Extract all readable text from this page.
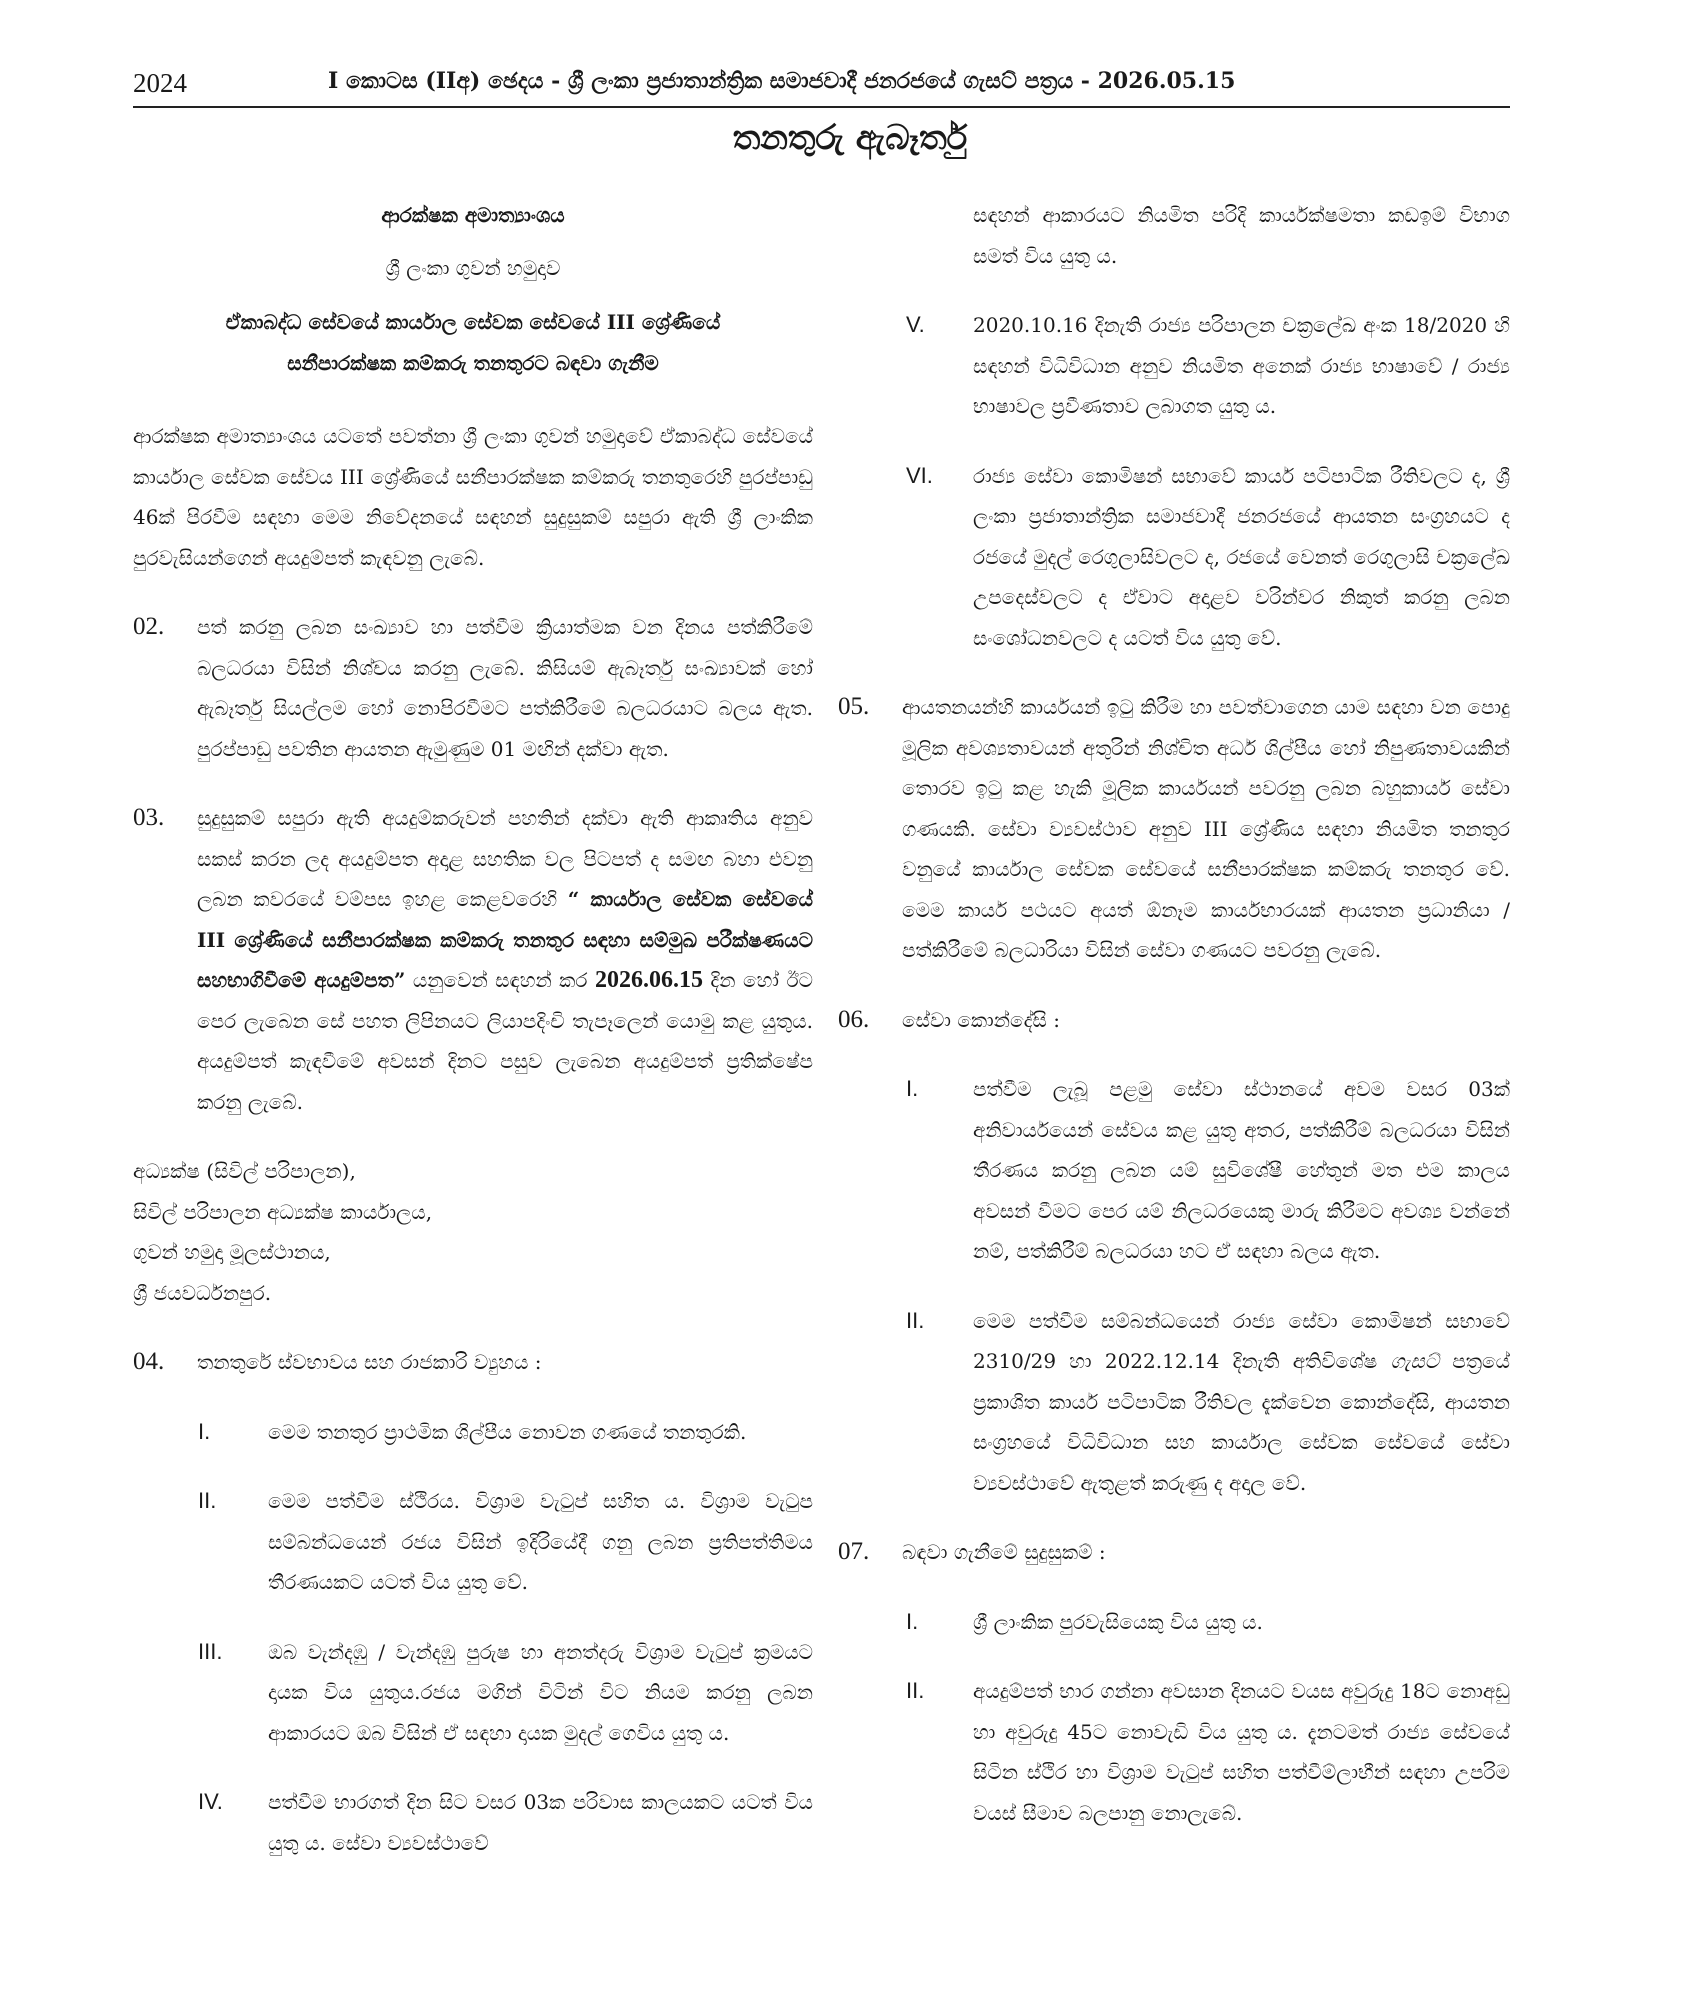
2024	I කොටස (IIඅ) ඡෙදය - ශ්‍රී ලංකා ප්‍රජාතාන්ත්‍රික සමාජවාදී ජනරජයේ ගැසට් පත්‍රය - 2026.05.15
තනතුරු ඇබෑර්තු

ආරක්ෂක අමාත්‍යාංශය

ශ්‍රී ලංකා ගුවන් හමුදාව

ඒකාබද්ධ සේවයේ කාර්යාල සේවක සේවයේ III ශ්‍රේණියේ

සනීපාරක්ෂක කම්කරු තනතුරට බඳවා ගැනීම

ආරක්ෂක අමාත්‍යාංශය යටතේ පවත්නා ශ්‍රී ලංකා ගුවන් හමුදාවේ ඒකාබද්ධ සේවයේ කාර්යාල සේවක සේවය III ශ්‍රේණියේ සනීපාරක්ෂක කම්කරු තනතුරෙහි පුරප්පාඩු 46ක් පිරවීම සඳහා මෙම නිවේදනයේ සඳහන් සුදුසුකම් සපුරා ඇති ශ්‍රී ලාංකික පුරවැසියන්ගෙන් අයදුම්පත් කැඳවනු ලැබේ.

02. පත් කරනු ලබන සංඛ්‍යාව හා පත්වීම ක්‍රියාත්මක වන දිනය පත්කිරීමේ බලධරයා විසින් නිශ්චය කරනු ලැබේ. කිසියම් ඇබෑර්තු සංඛ්‍යාවක් හෝ ඇබෑර්තු සියල්ලම හෝ නොපිරවීමට පත්කිරීමේ බලධරයාට බලය ඇත. පුරප්පාඩු පවතින ආයතන ඇමුණුම 01 මඟින් දක්වා ඇත.

03. සුදුසුකම් සපුරා ඇති අයදුම්කරුවන් පහතින් දක්වා ඇති ආකෘතිය අනුව සකස් කරන ලද අයදුම්පත අදාළ සහතික වල පිටපත් ද සමඟ බහා එවනු ලබන කවරයේ වම්පස ඉහළ කෙළවරෙහි “ කාර්යාල සේවක සේවයේ III ශ්‍රේණියේ සනීපාරක්ෂක කම්කරු තනතුර සඳහා සම්මුඛ පරීක්ෂණයට සහභාගිවීමේ අයදුම්පත” යනුවෙන් සඳහන් කර 2026.06.15 දින හෝ ඊට පෙර ලැබෙන සේ පහත ලිපිනයට ලියාපදිංචි තැපෑලෙන් යොමු කළ යුතුය. අයදුම්පත් කැඳවීමේ අවසන් දිනට පසුව ලැබෙන අයදුම්පත් ප්‍රතික්ෂේප කරනු ලැබේ.

අධ්‍යක්ෂ (සිවිල් පරිපාලන),

සිවිල් පරිපාලන අධ්‍යක්ෂ කාර්යාලය,

ගුවන් හමුදා මූලස්ථානය,

ශ්‍රී ජයවර්ධනපුර.

04. තනතුරේ ස්වභාවය සහ රාජකාරි ව්‍යුහය :

I.	මෙම තනතුර ප්‍රාථමික ශිල්පීය නොවන ගණයේ තනතුරකි.

II.	මෙම පත්වීම ස්ථිරය. විශ්‍රාම වැටුප් සහිත ය. විශ්‍රාම වැටුප සම්බන්ධයෙන් රජය විසින් ඉදිරියේදී ගනු ලබන ප්‍රතිපත්තිමය තීරණයකට යටත් විය යුතු වේ.

III. ඔබ වැන්දඹු / වැන්දඹු පුරුෂ හා අනත්දරු විශ්‍රාම වැටුප් ක්‍රමයට දායක විය යුතුය.රජය මගින් විටින් විට නියම කරනු ලබන ආකාරයට ඔබ විසින් ඒ සඳහා දායක මුදල් ගෙවිය යුතු ය.

IV. පත්වීම භාරගත් දින සිට වසර 03ක පරිවාස කාලයකට යටත් විය යුතු ය. සේවා ව්‍යවස්ථාවේ

සඳහන් ආකාරයට නියමිත පරිදි කාර්යක්ෂමතා කඩඉම් විභාග සමත් විය යුතු ය.

V. 2020.10.16 දිනැති රාජ්‍ය පරිපාලන චක්‍රලේඛ අංක 18/2020 හි සඳහන් විධිවිධාන අනුව නියමිත අනෙක් රාජ්‍ය භාෂාවේ / රාජ්‍ය භාෂාවල ප්‍රවීණතාව ලබාගත යුතු ය.

VI. රාජ්‍ය සේවා කොමිෂන් සභාවේ කාර්ය පටිපාටික රීතිවලට ද, ශ්‍රී ලංකා ප්‍රජාතාන්ත්‍රික සමාජවාදී ජනරජයේ ආයතන සංග්‍රහයට ද රජයේ මුදල් රෙගුලාසිවලට ද, රජයේ වෙනත් රෙගුලාසි චක්‍රලේඛ උපදෙස්වලට ද ඒවාට අදාළව වරින්වර නිකුත් කරනු ලබන සංශෝධනවලට ද යටත් විය යුතු වේ.

05. ආයතනයන්හි කාර්යයන් ඉටු කිරීම හා පවත්වාගෙන යාම සඳහා වන පොදු මූලික අවශ්‍යතාවයන් අතුරින් නිශ්චිත අර්ධ ශිල්පීය හෝ නිපුණතාවයකින් තොරව ඉටු කළ හැකි මූලික කාර්යයන් පවරනු ලබන බහුකාර්ය සේවා ගණයකි. සේවා ව්‍යවස්ථාව අනුව III ශ්‍රේණිය සඳහා නියමිත තනතුර වනුයේ කාර්යාල සේවක සේවයේ සනීපාරක්ෂක කම්කරු තනතුර වේ. මෙම කාර්ය පථයට අයත් ඕනෑම කාර්යභාරයක් ආයතන ප්‍රධානියා / පත්කිරීමේ බලධාරියා විසින් සේවා ගණයට පවරනු ලැබේ.

06. සේවා කොන්දේසි :

I.	පත්වීම ලැබූ පළමු සේවා ස්ථානයේ අවම වසර 03ක් අනිවාර්යයෙන් සේවය කළ යුතු අතර, පත්කිරීම් බලධරයා විසින් තීරණය කරනු ලබන යම් සුවිශේෂී හේතුන් මත එම කාලය අවසන් වීමට පෙර යම් නිලධරයෙකු මාරු කිරීමට අවශ්‍ය වන්නේ නම්, පත්කිරීම් බලධරයා හට ඒ සඳහා බලය ඇත.

II. මෙම පත්වීම සම්බන්ධයෙන් රාජ්‍ය සේවා කොමිෂන් සභාවේ 2310/29 හා 2022.12.14 දිනැති අතිවිශේෂ ගැසට් පත්‍රයේ ප්‍රකාශිත කාර්ය පටිපාටික රීතිවල දැක්වෙන කොන්දේසි, ආයතන සංග්‍රහයේ විධිවිධාන සහ කාර්යාල සේවක සේවයේ සේවා ව්‍යවස්ථාවේ ඇතුළත් කරුණු ද අදාල වේ.

07. බඳවා ගැනීමේ සුදුසුකම් :

I.	ශ්‍රී ලාංකික පුරවැසියෙකු විය යුතු ය.

II. අයදුම්පත් භාර ගන්නා අවසාන දිනයට වයස අවුරුදු 18ට නොඅඩු හා අවුරුදු 45ට නොවැඩි විය යුතු ය. දැනටමත් රාජ්‍ය සේවයේ සිටින ස්ථිර හා විශ්‍රාම වැටුප් සහිත පත්වීම්ලාභීන් සඳහා උපරිම වයස් සීමාව බලපානු නොලැබේ.
